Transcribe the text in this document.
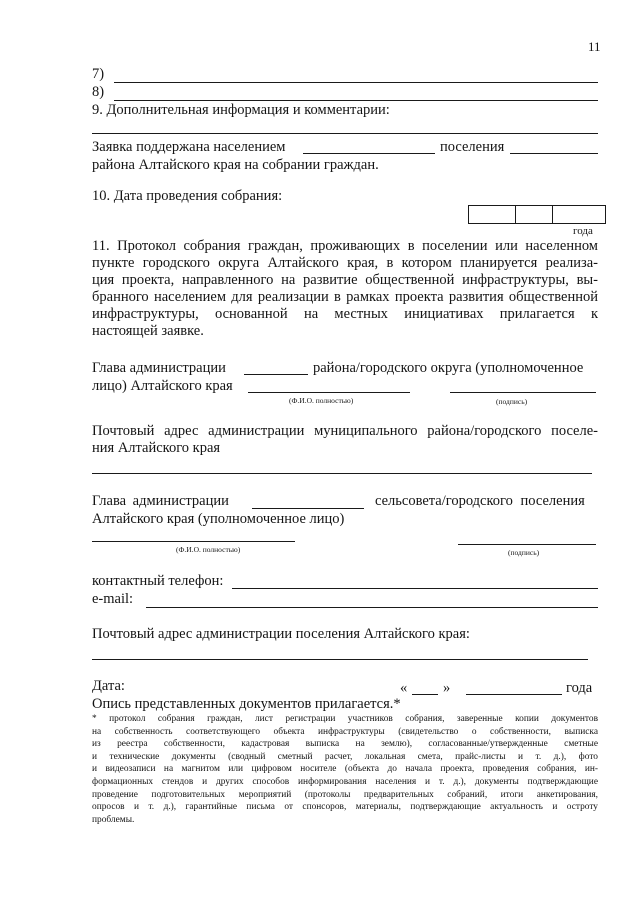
11
7)
8)
9. Дополнительная информация и комментарии:
Заявка поддержана населением	поселения
района Алтайского края на собрании граждан.
10. Дата проведения собрания:
года
11. Протокол собрания граждан, проживающих в поселении или населенном
пункте городского округа Алтайского края, в котором планируется реализа-
ция проекта, направленного на развитие общественной инфраструктуры, вы-
бранного населением для реализации в рамках проекта развития общественной
инфраструктуры, основанной на местных инициативах прилагается к
настоящей заявке.
Глава администрации	района/городского округа (уполномоченное
лицо) Алтайского края
(Ф.И.О. полностью)	(подпись)
Почтовый адрес администрации муниципального района/городского поселе-
ния Алтайского края
Глава администрации	сельсовета/городского поселения
Алтайского края (уполномоченное лицо)
(Ф.И.О. полностью)	(подпись)
контактный телефон:
e-mail:
Почтовый адрес администрации поселения Алтайского края:
Дата:	« »	года
Опись представленных документов прилагается.*
* протокол собрания граждан, лист регистрации участников собрания, заверенные копии документов
на собственность соответствующего объекта инфраструктуры (свидетельство о собственности, выписка
из реестра собственности, кадастровая выписка на землю), согласованные/утвержденные сметные
и технические документы (сводный сметный расчет, локальная смета, прайс-листы и т. д.), фото
и видеозаписи на магнитом или цифровом носителе (объекта до начала проекта, проведения собрания, ин-
формационных стендов и других способов информирования населения и т. д.), документы подтверждающие
проведение подготовительных мероприятий (протоколы предварительных собраний, итоги анкетирования,
опросов и т. д.), гарантийные письма от спонсоров, материалы, подтверждающие актуальность и остроту
проблемы.
